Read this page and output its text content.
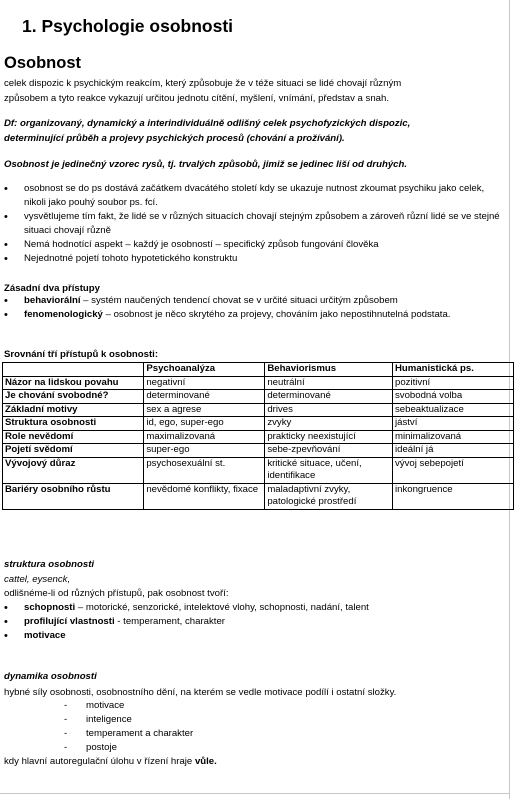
1. Psychologie osobnosti
Osobnost
celek dispozic k psychickým reakcím, který způsobuje že v téže situaci se lidé chovají různým
způsobem a tyto reakce vykazují určitou jednotu cítění, myšlení, vnímání, představ a snah.
Df: organizovaný, dynamický a interindividuálně odlišný celek psychofyzických dispozic,
determinující průběh a projevy psychických procesů (chování a prožívání).
Osobnost je jedinečný vzorec rysů, tj. trvalých způsobů, jimiž se jedinec liší od druhých.
• osobnost se do ps dostává začátkem dvacátého století kdy se ukazuje nutnost zkoumat psychiku jako celek, nikoli jako pouhý soubor ps. fcí.
• vysvětlujeme tím fakt, že lidé se v různých situacích chovají stejným způsobem a zároveň různí lidé se ve stejné situaci chovají různě
• Nemá hodnotící aspekt – každý je osobností – specifický způsob fungování člověka
• Nejednotné pojetí tohoto hypotetického konstruktu
Zásadní dva přístupy
• behaviorální – systém naučených tendencí chovat se v určité situaci určitým způsobem
• fenomenologický – osobnost je něco skrytého za projevy, chováním jako nepostihnutelná podstata.
Srovnání tří přístupů k osobnosti:
	Psychoanalýza	Behaviorismus	Humanistická ps.
Názor na lidskou povahu	negativní	neutrální	pozitivní
Je chování svobodné?	determinované	determinované	svobodná volba
Základní motivy	sex a agrese	drives	sebeaktualizace
Struktura osobnosti	id, ego, super-ego	zvyky	jáství
Role nevědomí	maximalizovaná	prakticky neexistující	minimalizovaná
Pojetí svědomí	super-ego	sebe-zpevňování	ideální já
Vývojový důraz	psychosexuální st.	kritické situace, učení, identifikace	vývoj sebepojetí
Bariéry osobního růstu	nevědomé konflikty, fixace	maladaptivní zvyky, patologické prostředí	inkongruence
struktura osobnosti
cattel, eysenck,
odlišnéme-li od různých přístupů, pak osobnost tvoří:
• schopnosti – motorické, senzorické, intelektové vlohy, schopnosti, nadání, talent
• profilující vlastnosti - temperament, charakter
• motivace
dynamika osobnosti
hybné síly osobnosti, osobnostního dění, na kterém se vedle motivace podílí i ostatní složky.
- motivace
- inteligence
- temperament a charakter
- postoje
kdy hlavní autoregulační úlohu v řízení hraje vůle.
